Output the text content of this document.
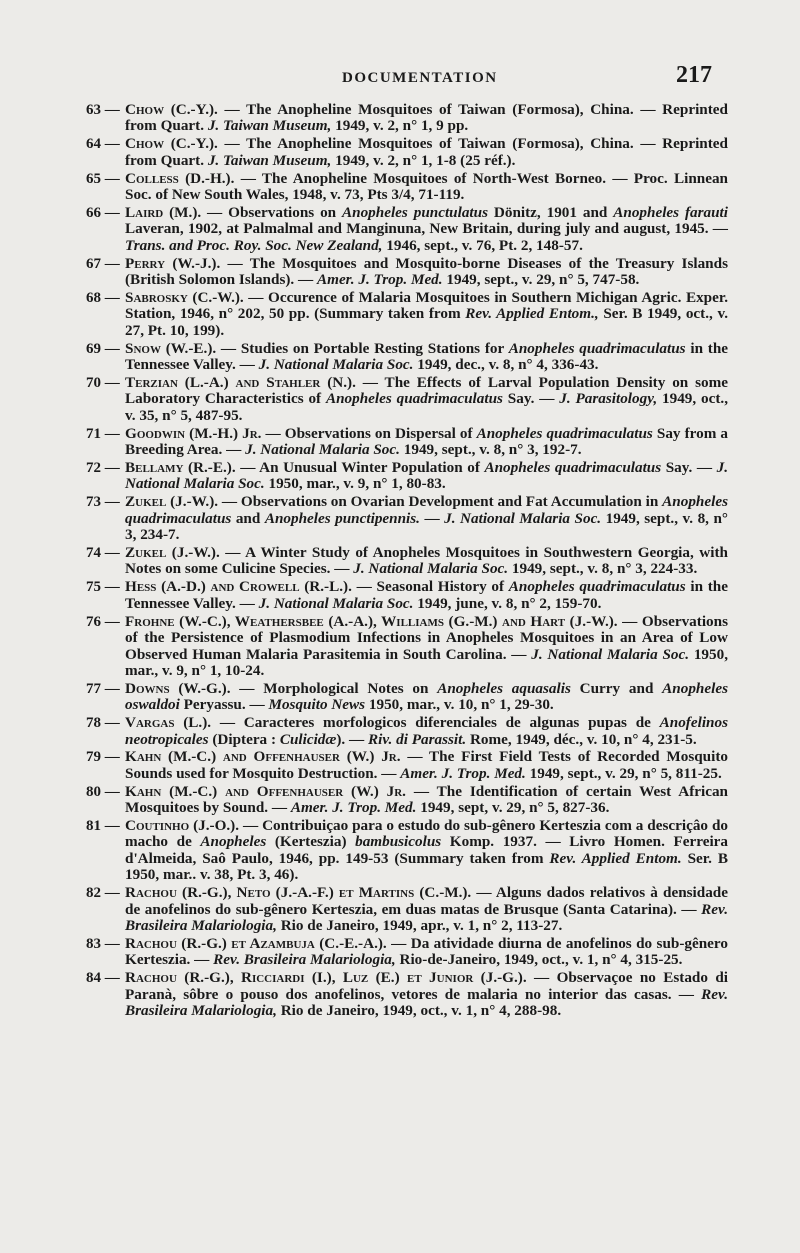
DOCUMENTATION	217
63 — Chow (C.-Y.). — The Anopheline Mosquitoes of Taiwan (Formosa), China. — Reprinted from Quart. J. Taiwan Museum, 1949, v. 2, n° 1, 9 pp.

64 — Chow (C.-Y.). — The Anopheline Mosquitoes of Taiwan (Formosa), China. — Reprinted from Quart. J. Taiwan Museum, 1949, v. 2, n° 1, 1-8 (25 réf.).

65 — Colless (D.-H.). — The Anopheline Mosquitoes of North-West Borneo. — Proc. Linnean Soc. of New South Wales, 1948, v. 73, Pts 3/4, 71-119.

66 — Laird (M.). — Observations on Anopheles punctulatus Dönitz, 1901 and Anopheles farauti Laveran, 1902, at Palmalmal and Manginuna, New Britain, during july and august, 1945. — Trans. and Proc. Roy. Soc. New Zealand, 1946, sept., v. 76, Pt. 2, 148-57.

67 — Perry (W.-J.). — The Mosquitoes and Mosquito-borne Diseases of the Treasury Islands (British Solomon Islands). — Amer. J. Trop. Med. 1949, sept., v. 29, n° 5, 747-58.

68 — Sabrosky (C.-W.). — Occurence of Malaria Mosquitoes in Southern Michigan Agric. Exper. Station, 1946, n° 202, 50 pp. (Summary taken from Rev. Applied Entom., Ser. B 1949, oct., v. 27, Pt. 10, 199).

69 — Snow (W.-E.). — Studies on Portable Resting Stations for Anopheles quadrimaculatus in the Tennessee Valley. — J. National Malaria Soc. 1949, dec., v. 8, n° 4, 336-43.

70 — Terzian (L.-A.) and Stahler (N.). — The Effects of Larval Population Density on some Laboratory Characteristics of Anopheles quadrimaculatus Say. — J. Parasitology, 1949, oct., v. 35, n° 5, 487-95.

71 — Goodwin (M.-H.) Jr. — Observations on Dispersal of Anopheles quadrimaculatus Say from a Breeding Area. — J. National Malaria Soc. 1949, sept., v. 8, n° 3, 192-7.

72 — Bellamy (R.-E.). — An Unusual Winter Population of Anopheles quadrimaculatus Say. — J. National Malaria Soc. 1950, mar., v. 9, n° 1, 80-83.

73 — Zukel (J.-W.). — Observations on Ovarian Development and Fat Accumulation in Anopheles quadrimaculatus and Anopheles punctipennis. — J. National Malaria Soc. 1949, sept., v. 8, n° 3, 234-7.

74 — Zukel (J.-W.). — A Winter Study of Anopheles Mosquitoes in Southwestern Georgia, with Notes on some Culicine Species. — J. National Malaria Soc. 1949, sept., v. 8, n° 3, 224-33.

75 — Hess (A.-D.) and Crowell (R.-L.). — Seasonal History of Anopheles quadrimaculatus in the Tennessee Valley. — J. National Malaria Soc. 1949, june, v. 8, n° 2, 159-70.

76 — Frohne (W.-C.), Weathersbee (A.-A.), Williams (G.-M.) and Hart (J.-W.). — Observations of the Persistence of Plasmodium Infections in Anopheles Mosquitoes in an Area of Low Observed Human Malaria Parasitemia in South Carolina. — J. National Malaria Soc. 1950, mar., v. 9, n° 1, 10-24.

77 — Downs (W.-G.). — Morphological Notes on Anopheles aquasalis Curry and Anopheles oswaldoi Peryassu. — Mosquito News 1950, mar., v. 10, n° 1, 29-30.

78 — Vargas (L.). — Caracteres morfologicos diferenciales de algunas pupas de Anofelinos neotropicales (Diptera : Culicidæ). — Riv. di Parassit. Rome, 1949, déc., v. 10, n° 4, 231-5.

79 — Kahn (M.-C.) and Offenhauser (W.) Jr. — The First Field Tests of Recorded Mosquito Sounds used for Mosquito Destruction. — Amer. J. Trop. Med. 1949, sept., v. 29, n° 5, 811-25.

80 — Kahn (M.-C.) and Offenhauser (W.) Jr. — The Identification of certain West African Mosquitoes by Sound. — Amer. J. Trop. Med. 1949, sept, v. 29, n° 5, 827-36.

81 — Coutinho (J.-O.). — Contribuiçao para o estudo do sub-gênero Kerteszia com a descriçâo do macho de Anopheles (Kerteszia) bambusicolus Komp. 1937. — Livro Homen. Ferreira d'Almeida, Saô Paulo, 1946, pp. 149-53 (Summary taken from Rev. Applied Entom. Ser. B 1950, mar.. v. 38, Pt. 3, 46).

82 — Rachou (R.-G.), Neto (J.-A.-F.) et Martins (C.-M.). — Alguns dados relativos à densidade de anofelinos do sub-gênero Kerteszia, em duas matas de Brusque (Santa Catarina). — Rev. Brasileira Malariologia, Rio de Janeiro, 1949, apr., v. 1, n° 2, 113-27.

83 — Rachou (R.-G.) et Azambuja (C.-E.-A.). — Da atividade diurna de anofelinos do sub-gênero Kerteszia. — Rev. Brasileira Malariologia, Rio-de-Janeiro, 1949, oct., v. 1, n° 4, 315-25.

84 — Rachou (R.-G.), Ricciardi (I.), Luz (E.) et Junior (J.-G.). — Observaçoe no Estado di Paranà, sôbre o pouso dos anofelinos, vetores de malaria no interior das casas. — Rev. Brasileira Malariologia, Rio de Janeiro, 1949, oct., v. 1, n° 4, 288-98.
